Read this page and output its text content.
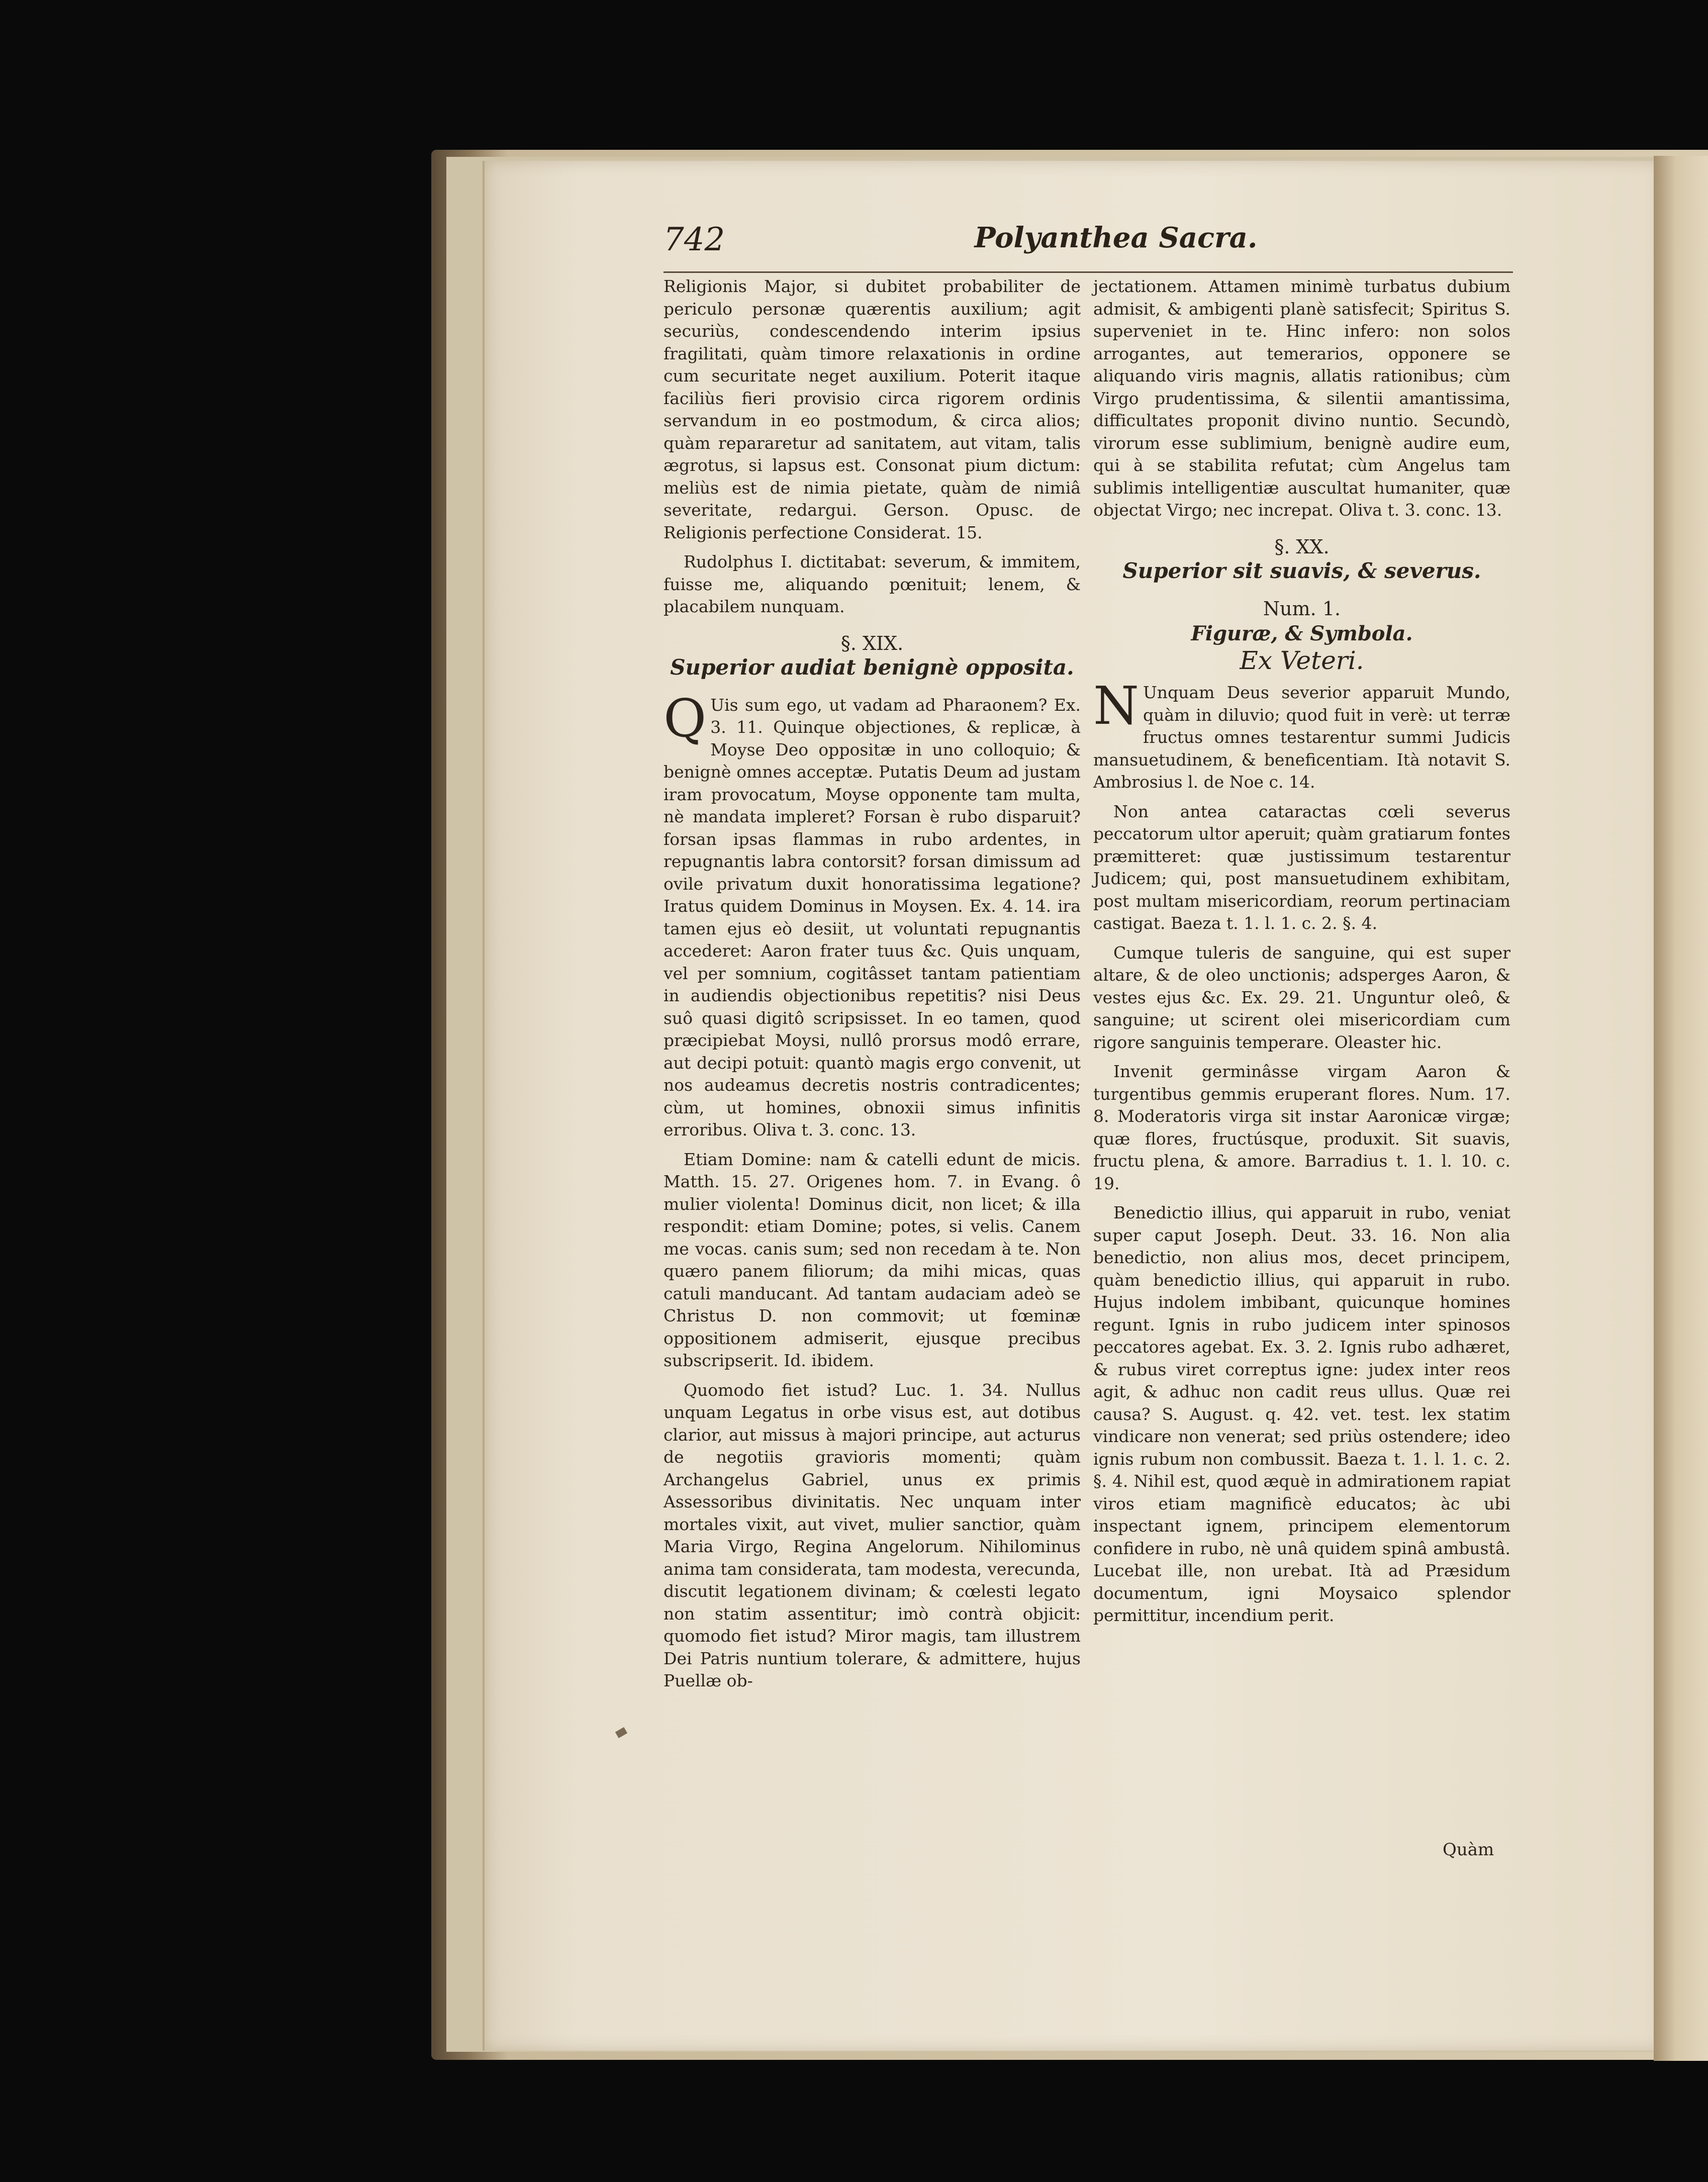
742	Polyanthea Sacra.

Religionis Major, si dubitet probabiliter de periculo personæ quærentis auxilium; agit securiùs, condescendendo interim ipsius fragilitati, quàm timore relaxationis in ordine cum securitate neget auxilium. Poterit itaque faciliùs fieri provisio circa rigorem ordinis servandum in eo postmodum, & circa alios; quàm repararetur ad sanitatem, aut vitam, talis ægrotus, si lapsus est. Consonat pium dictum: meliùs est de nimia pietate, quàm de nimiâ severitate, redargui. Gerson. Opusc. de Religionis perfectione Considerat. 15.

Rudolphus I. dictitabat: severum, & immitem, fuisse me, aliquando pœnituit; lenem, & placabilem nunquam.

§. XIX.
Superior audiat benignè opposita.

Q Uis sum ego, ut vadam ad Pharaonem? Ex. 3. 11. Quinque objectiones, & replicæ, à Moyse Deo oppositæ in uno colloquio; & benignè omnes acceptæ. Putatis Deum ad justam iram provocatum, Moyse opponente tam multa, nè mandata impleret? Forsan è rubo disparuit? forsan ipsas flammas in rubo ardentes, in repugnantis labra contorsit? forsan dimissum ad ovile privatum duxit honoratissima legatione? Iratus quidem Dominus in Moysen. Ex. 4. 14. ira tamen ejus eò desiit, ut voluntati repugnantis accederet: Aaron frater tuus &c. Quis unquam, vel per somnium, cogitâsset tantam patientiam in audiendis objectionibus repetitis? nisi Deus suô quasi digitô scripsisset. In eo tamen, quod præcipiebat Moysi, nullô prorsus modô errare, aut decipi potuit: quantò magis ergo convenit, ut nos audeamus decretis nostris contradicentes; cùm, ut homines, obnoxii simus infinitis erroribus. Oliva t. 3. conc. 13.

Etiam Domine: nam & catelli edunt de micis. Matth. 15. 27. Origenes hom. 7. in Evang. ô mulier violenta! Dominus dicit, non licet; & illa respondit: etiam Domine; potes, si velis. Canem me vocas. canis sum; sed non recedam à te. Non quæro panem filiorum; da mihi micas, quas catuli manducant. Ad tantam audaciam adeò se Christus D. non commovit; ut fœminæ oppositionem admiserit, ejusque precibus subscripserit. Id. ibidem.

Quomodo fiet istud? Luc. 1. 34. Nullus unquam Legatus in orbe visus est, aut dotibus clarior, aut missus à majori principe, aut acturus de negotiis gravioris momenti; quàm Archangelus Gabriel, unus ex primis Assessoribus divinitatis. Nec unquam inter mortales vixit, aut vivet, mulier sanctior, quàm Maria Virgo, Regina Angelorum. Nihilominus anima tam considerata, tam modesta, verecunda, discutit legationem divinam; & cœlesti legato non statim assentitur; imò contrà objicit: quomodo fiet istud? Miror magis, tam illustrem Dei Patris nuntium tolerare, & admittere, hujus Puellæ ob-

jectationem. Attamen minimè turbatus dubium admisit, & ambigenti planè satisfecit; Spiritus S. superveniet in te. Hinc infero: non solos arrogantes, aut temerarios, opponere se aliquando viris magnis, allatis rationibus; cùm Virgo prudentissima, & silentii amantissima, difficultates proponit divino nuntio. Secundò, virorum esse sublimium, benignè audire eum, qui à se stabilita refutat; cùm Angelus tam sublimis intelligentiæ auscultat humaniter, quæ objectat Virgo; nec increpat. Oliva t. 3. conc. 13.

§. XX.
Superior sit suavis, & severus.
Num. 1.
Figuræ, & Symbola.
Ex Veteri.

N Unquam Deus severior apparuit Mundo, quàm in diluvio; quod fuit in verè: ut terræ fructus omnes testarentur summi Judicis mansuetudinem, & beneficentiam. Ità notavit S. Ambrosius l. de Noe c. 14.

Non antea cataractas cœli severus peccatorum ultor aperuit; quàm gratiarum fontes præmitteret: quæ justissimum testarentur Judicem; qui, post mansuetudinem exhibitam, post multam misericordiam, reorum pertinaciam castigat. Baeza t. 1. l. 1. c. 2. §. 4.

Cumque tuleris de sanguine, qui est super altare, & de oleo unctionis; adsperges Aaron, & vestes ejus &c. Ex. 29. 21. Unguntur oleô, & sanguine; ut scirent olei misericordiam cum rigore sanguinis temperare. Oleaster hic.

Invenit germinâsse virgam Aaron & turgentibus gemmis eruperant flores. Num. 17. 8. Moderatoris virga sit instar Aaronicæ virgæ; quæ flores, fructúsque, produxit. Sit suavis, fructu plena, & amore. Barradius t. 1. l. 10. c. 19.

Benedictio illius, qui apparuit in rubo, veniat super caput Joseph. Deut. 33. 16. Non alia benedictio, non alius mos, decet principem, quàm benedictio illius, qui apparuit in rubo. Hujus indolem imbibant, quicunque homines regunt. Ignis in rubo judicem inter spinosos peccatores agebat. Ex. 3. 2. Ignis rubo adhæret, & rubus viret correptus igne: judex inter reos agit, & adhuc non cadit reus ullus. Quæ rei causa? S. August. q. 42. vet. test. lex statim vindicare non venerat; sed priùs ostendere; ideo ignis rubum non combussit. Baeza t. 1. l. 1. c. 2. §. 4. Nihil est, quod æquè in admirationem rapiat viros etiam magnificè educatos; àc ubi inspectant ignem, principem elementorum confidere in rubo, nè unâ quidem spinâ ambustâ. Lucebat ille, non urebat. Ità ad Præsidum documentum, igni Moysaico splendor permittitur, incendium perit.

Quàm
